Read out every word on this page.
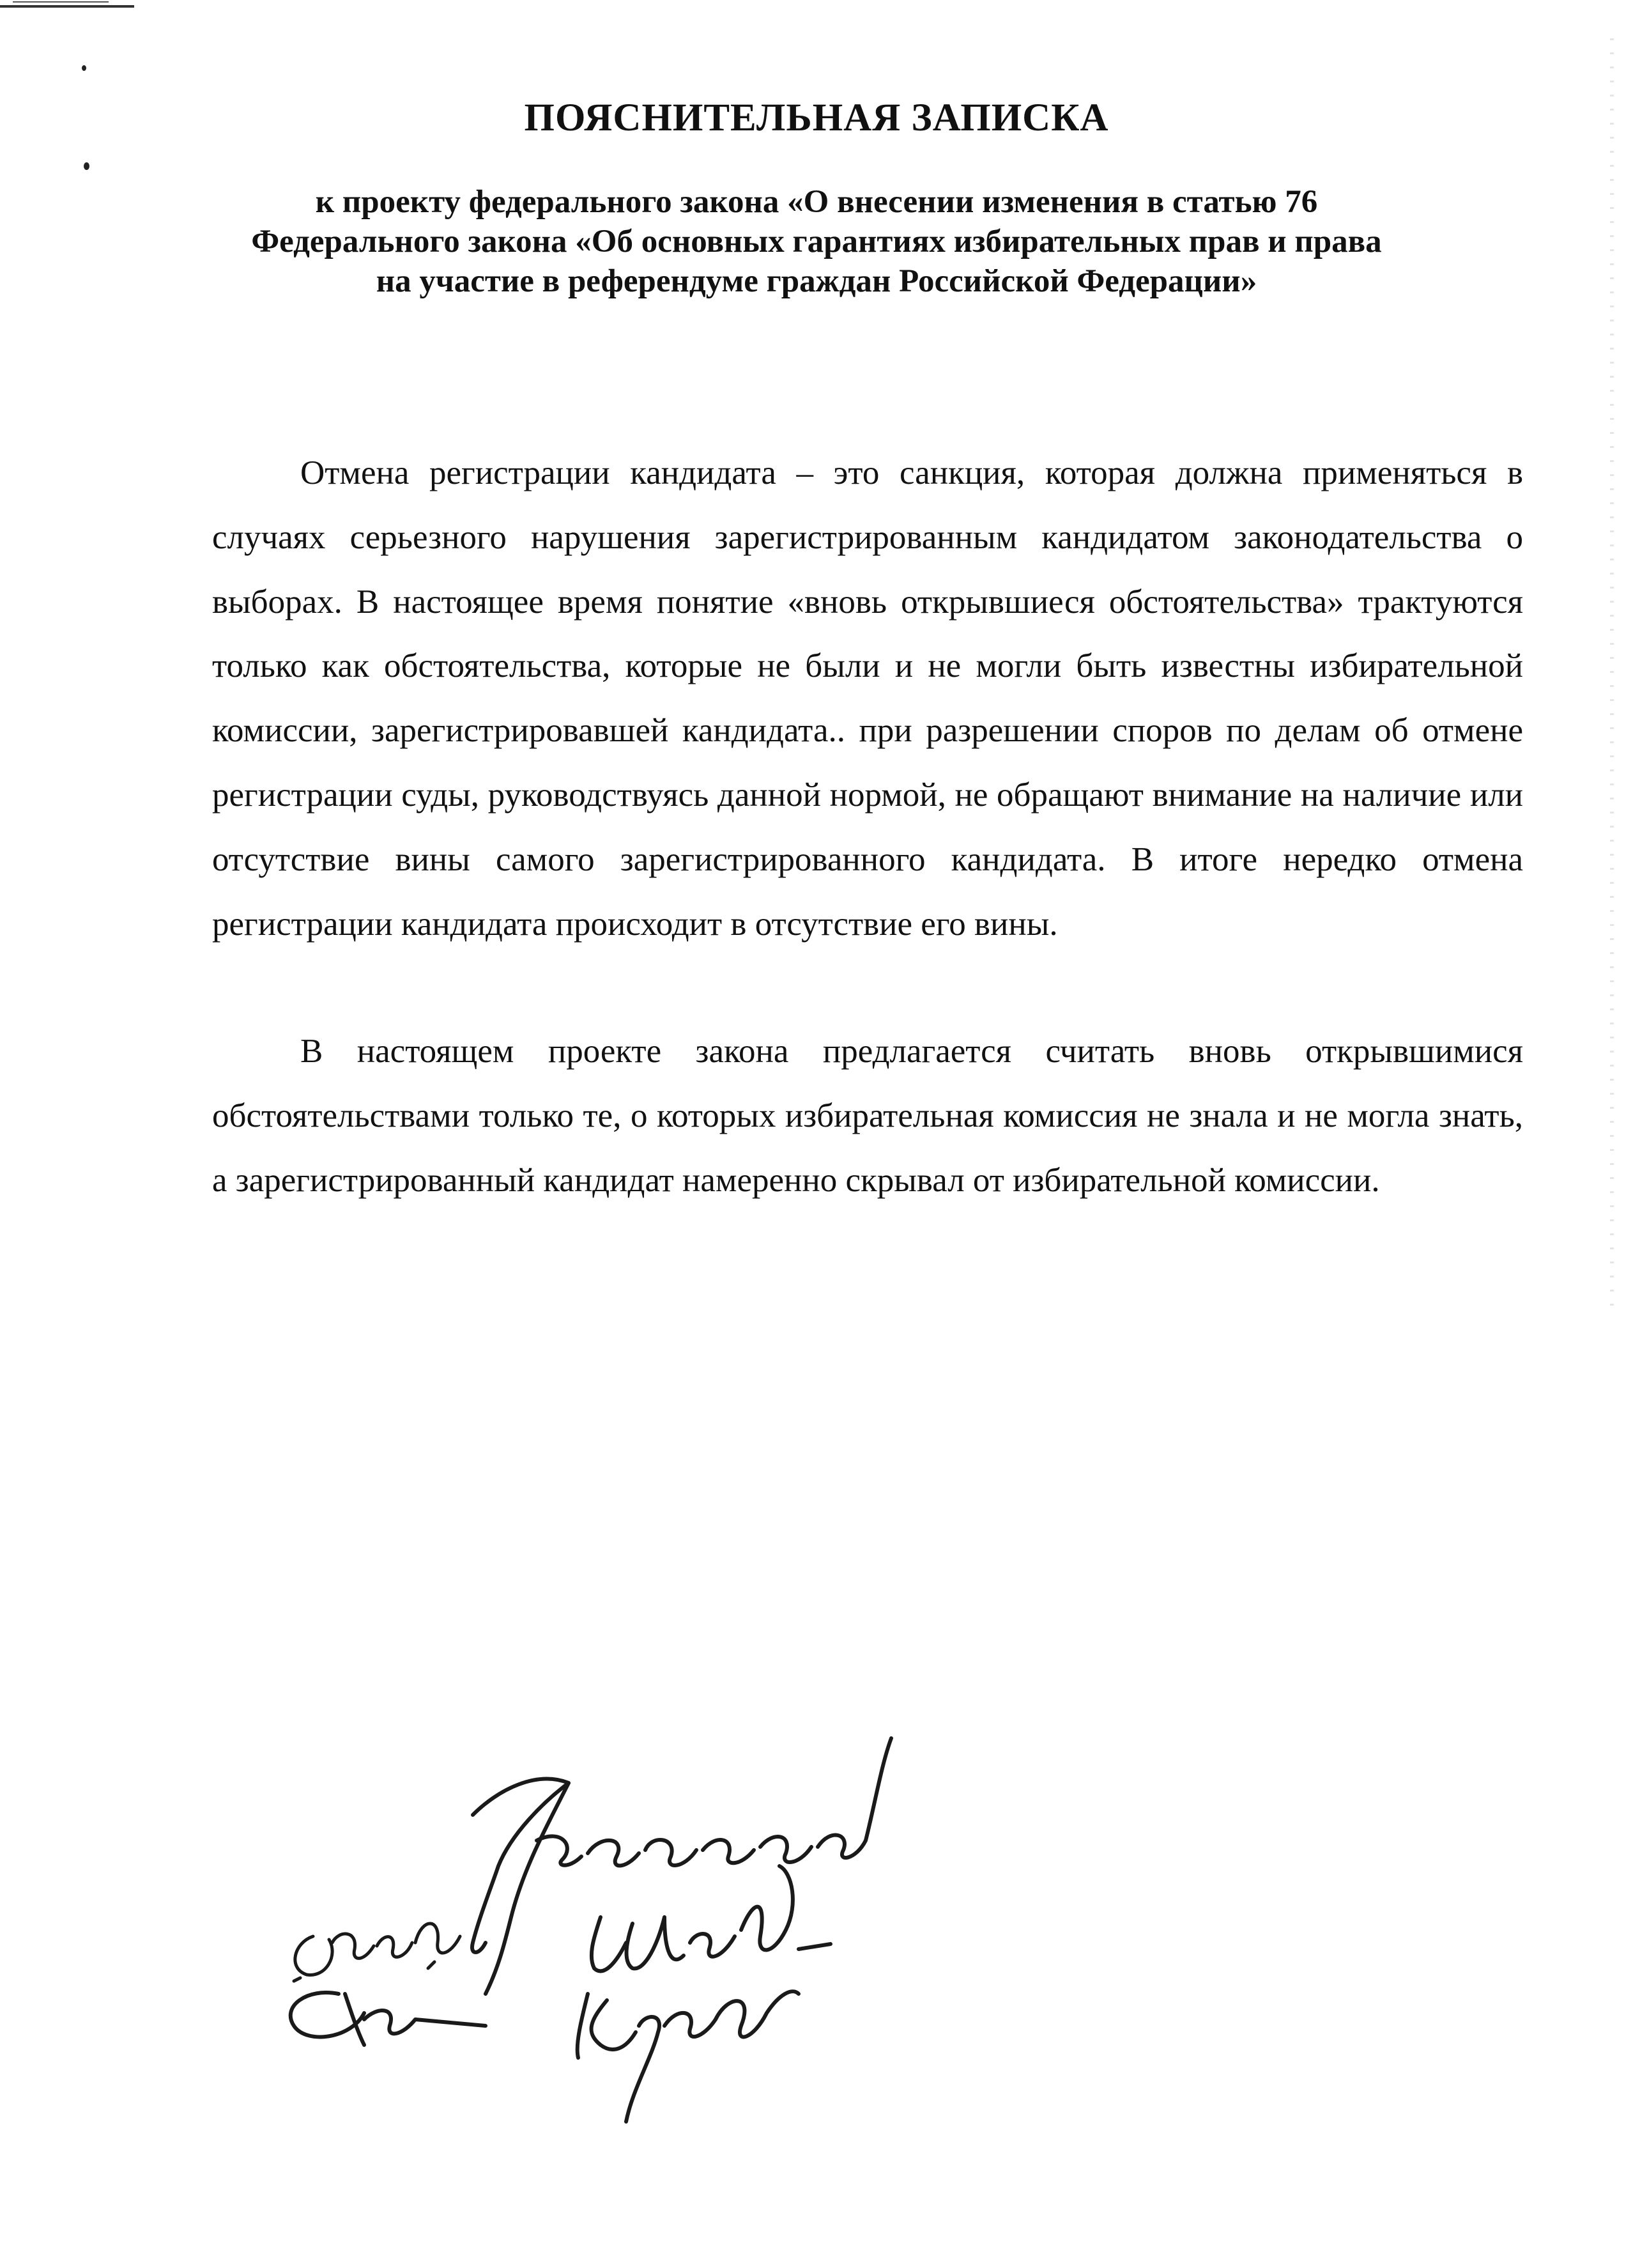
ПОЯСНИТЕЛЬНАЯ ЗАПИСКА
к проекту федерального закона «О внесении изменения в статью 76
Федерального закона «Об основных гарантиях избирательных прав и права
на участие в референдуме граждан Российской Федерации»

Отмена регистрации кандидата – это санкция, которая должна применяться в случаях серьезного нарушения зарегистрированным кандидатом законодательства о выборах. В настоящее время понятие «вновь открывшиеся обстоятельства» трактуются только как обстоятельства, которые не были и не могли быть известны избирательной комиссии, зарегистрировавшей кандидата.. при разрешении споров по делам об отмене регистрации суды, руководствуясь данной нормой, не обращают внимание на наличие или отсутствие вины самого зарегистрированного кандидата. В итоге нередко отмена регистрации кандидата происходит в отсутствие его вины.

В настоящем проекте закона предлагается считать вновь открывшимися обстоятельствами только те, о которых избирательная комиссия не знала и не могла знать, а зарегистрированный кандидат намеренно скрывал от избирательной комиссии.
